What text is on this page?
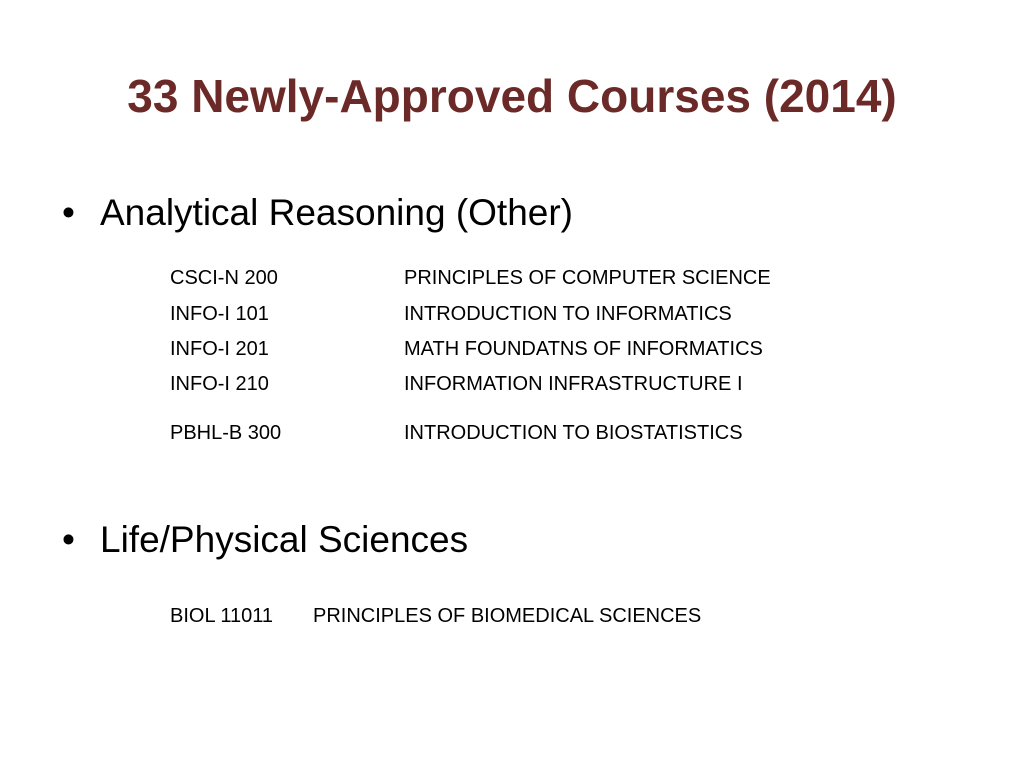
33 Newly-Approved Courses (2014)
• Analytical Reasoning (Other)
CSCI-N 200	PRINCIPLES OF COMPUTER SCIENCE
INFO-I 101	INTRODUCTION TO INFORMATICS
INFO-I 201	MATH FOUNDATNS OF INFORMATICS
INFO-I 210	INFORMATION INFRASTRUCTURE I
PBHL-B 300	INTRODUCTION TO BIOSTATISTICS
• Life/Physical Sciences
BIOL 11011 PRINCIPLES OF BIOMEDICAL SCIENCES
